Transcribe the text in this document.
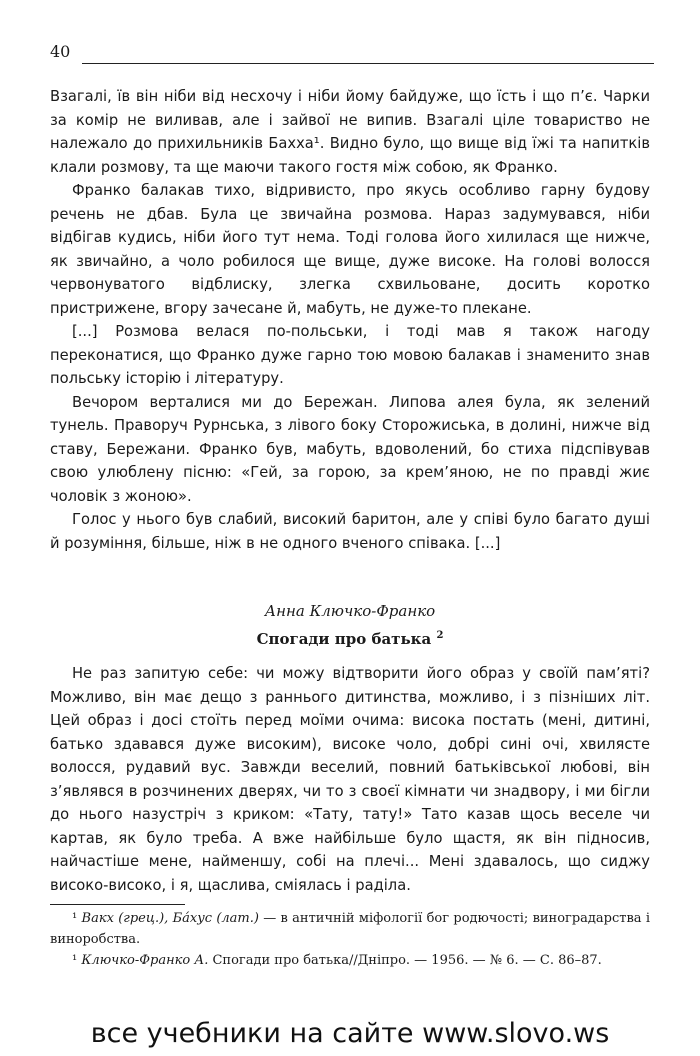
40

Взагалі, їв він ніби від несхочу і ніби йому байдуже, що їсть і що п’є. Чарки за комір не виливав, але і зайвої не випив. Взагалі ціле товариство не належало до прихильників Бахха¹. Видно було, що вище від їжі та напитків клали розмову, та ще маючи такого гостя між собою, як Франко.

Франко балакав тихо, відривисто, про якусь особливо гарну будову речень не дбав. Була це звичайна розмова. Нараз задумувався, ніби відбігав кудись, ніби його тут нема. Тоді голова його хилилася ще нижче, як звичайно, а чоло робилося ще вище, дуже високе. На голові волосся червонуватого відблиску, злегка схвильоване, досить коротко пристрижене, вгору зачесане й, мабуть, не дуже-то плекане.

[...] Розмова велася по-польськи, і тоді мав я також нагоду переконатися, що Франко дуже гарно тою мовою балакав і знаменито знав польську історію і літературу.

Вечором верталися ми до Бережан. Липова алея була, як зелений тунель. Праворуч Рурнська, з лівого боку Сторожиська, в долині, нижче від ставу, Бережани. Франко був, мабуть, вдоволений, бо стиха підспівував свою улюблену пісню: «Гей, за горою, за крем’яною, не по правді жиє чоловік з жоною».

Голос у нього був слабий, високий баритон, але у співі було багато душі й розуміння, більше, ніж в не одного вченого співака. [...]

Анна Ключко-Франко
Спогади про батька $^2$

Не раз запитую себе: чи можу відтворити його образ у своїй пам’яті? Можливо, він має дещо з раннього дитинства, можливо, і з пізніших літ. Цей образ і досі стоїть перед моїми очима: висока постать (мені, дитині, батько здавався дуже високим), високе чоло, добрі сині очі, хвилясте волосся, рудавий вус. Завжди веселий, повний батьківської любові, він з’являвся в розчинених дверях, чи то з своєї кімнати чи знадвору, і ми бігли до нього назустріч з криком: «Тату, тату!» Тато казав щось веселе чи картав, як було треба. А вже найбільше було щастя, як він підносив, найчастіше мене, найменшу, собі на плечі... Мені здавалось, що сиджу високо-високо, і я, щаслива, сміялась і раділа.

¹ Вакх (грец.), Ба́хус (лат.) — в античній міфології бог родючості; виноградарства і виноробства.

¹ Ключко-Франко А. Спогади про батька//Дніпро. — 1956. — № 6. — С. 86–87.

все учебники на сайте www.slovo.ws
